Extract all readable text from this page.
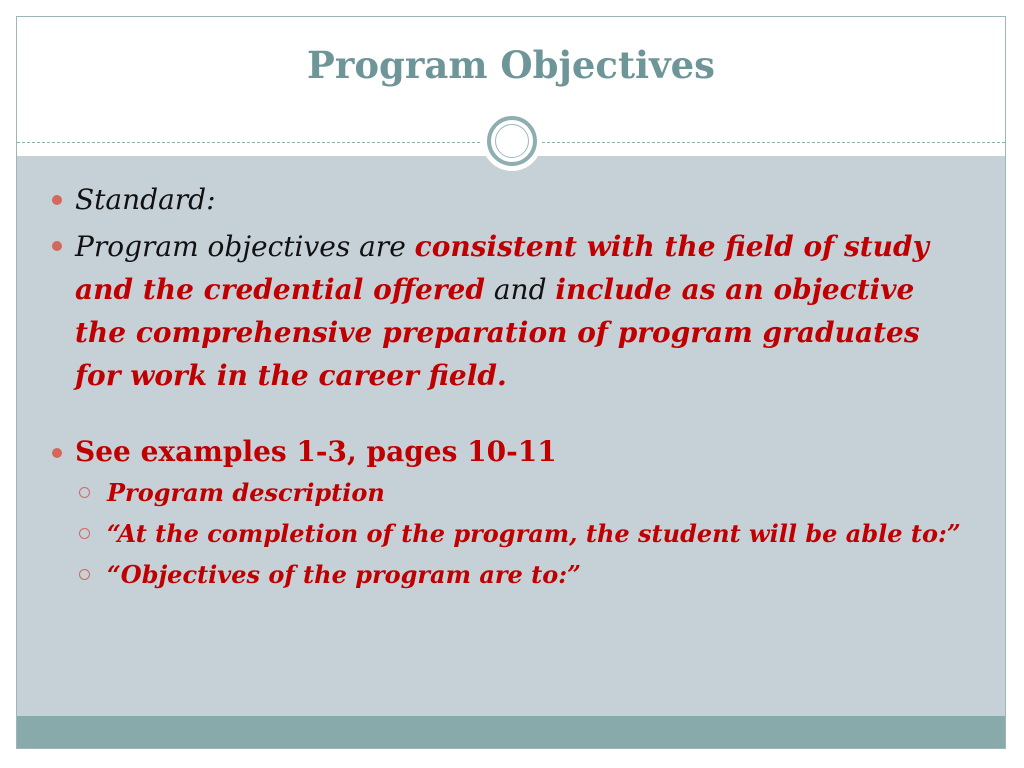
Program Objectives

Standard:

Program objectives are consistent with the field of study and the credential offered and include as an objective the comprehensive preparation of program graduates for work in the career field.

See examples 1-3, pages 10-11

Program description

“At the completion of the program, the student will be able to:”

“Objectives of the program are to:”
